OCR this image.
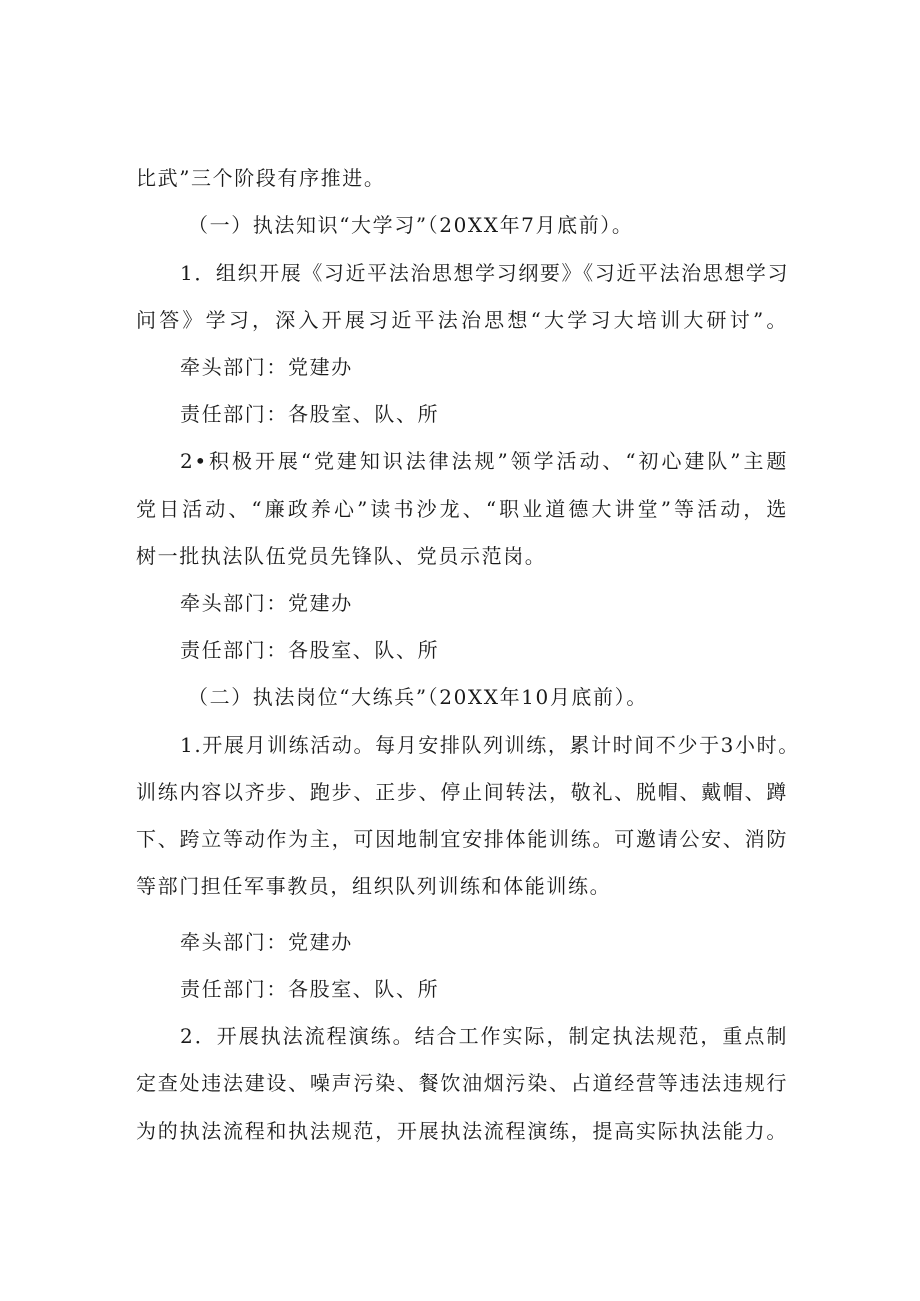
比武”三个阶段有序推进。
（一）执法知识“大学习”（20XX年7月底前）。
1．组织开展《习近平法治思想学习纲要》《习近平法治思想学习
问答》学习，深入开展习近平法治思想“大学习大培训大研讨”。
牵头部门：党建办
责任部门：各股室、队、所
2•积极开展“党建知识法律法规”领学活动、“初心建队”主题
党日活动、“廉政养心”读书沙龙、“职业道德大讲堂”等活动，选
树一批执法队伍党员先锋队、党员示范岗。
牵头部门：党建办
责任部门：各股室、队、所
（二）执法岗位“大练兵”（20XX年10月底前）。
1.开展月训练活动。每月安排队列训练，累计时间不少于3小时。
训练内容以齐步、跑步、正步、停止间转法，敬礼、脱帽、戴帽、蹲
下、跨立等动作为主，可因地制宜安排体能训练。可邀请公安、消防
等部门担任军事教员，组织队列训练和体能训练。
牵头部门：党建办
责任部门：各股室、队、所
2．开展执法流程演练。结合工作实际，制定执法规范，重点制
定查处违法建设、噪声污染、餐饮油烟污染、占道经营等违法违规行
为的执法流程和执法规范，开展执法流程演练，提高实际执法能力。
